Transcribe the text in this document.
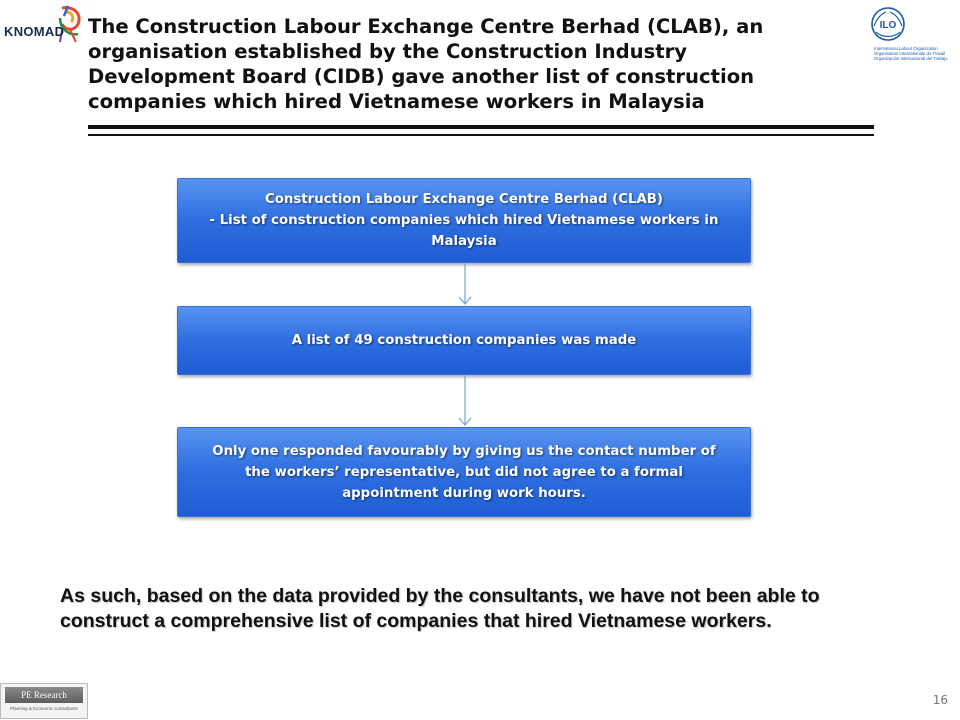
KNOMAD The Construction Labour Exchange Centre Berhad (CLAB), an organisation established by the Construction Industry Development Board (CIDB) gave another list of construction companies which hired Vietnamese workers in Malaysia
ILO
International Labour Organization
Organisation internationale du Travail
Organización Internacional del Trabajo
Construction Labour Exchange Centre Berhad (CLAB)
- List of construction companies which hired Vietnamese workers in Malaysia
A list of 49 construction companies was made
Only one responded favourably by giving us the contact number of the workers’ representative, but did not agree to a formal appointment during work hours.
As such, based on the data provided by the consultants, we have not been able to construct a comprehensive list of companies that hired Vietnamese workers.
PE Research
Planning & Economic Consultants
16
